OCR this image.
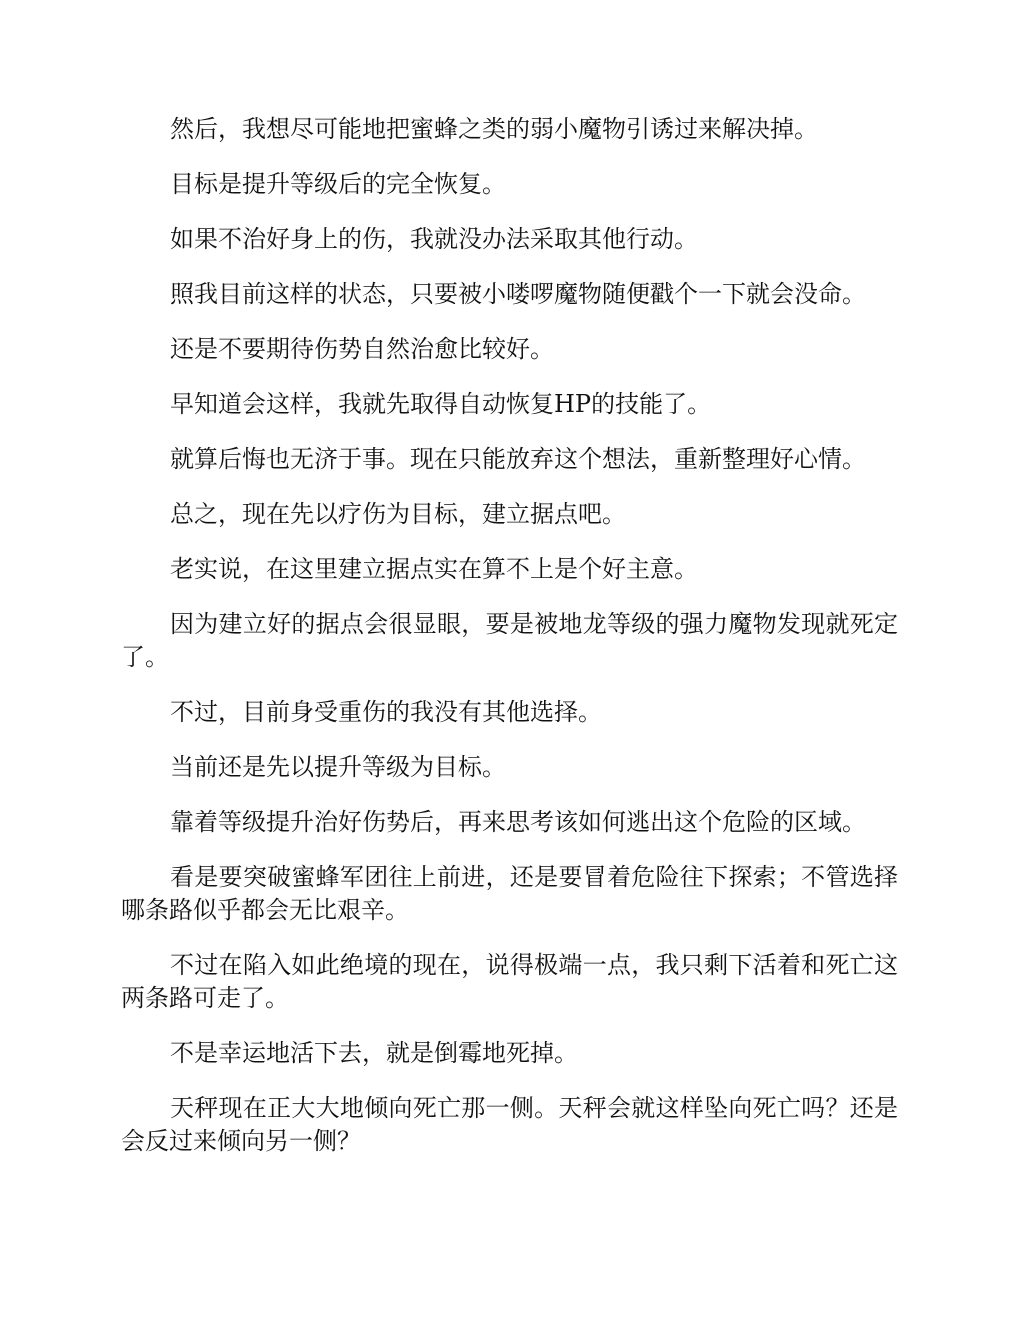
然后，我想尽可能地把蜜蜂之类的弱小魔物引诱过来解决掉。

目标是提升等级后的完全恢复。

如果不治好身上的伤，我就没办法采取其他行动。

照我目前这样的状态，只要被小喽啰魔物随便戳个一下就会没命。

还是不要期待伤势自然治愈比较好。

早知道会这样，我就先取得自动恢复HP的技能了。

就算后悔也无济于事。现在只能放弃这个想法，重新整理好心情。

总之，现在先以疗伤为目标，建立据点吧。

老实说，在这里建立据点实在算不上是个好主意。

因为建立好的据点会很显眼，要是被地龙等级的强力魔物发现就死定了。

不过，目前身受重伤的我没有其他选择。

当前还是先以提升等级为目标。

靠着等级提升治好伤势后，再来思考该如何逃出这个危险的区域。

看是要突破蜜蜂军团往上前进，还是要冒着危险往下探索；不管选择哪条路似乎都会无比艰辛。

不过在陷入如此绝境的现在，说得极端一点，我只剩下活着和死亡这两条路可走了。

不是幸运地活下去，就是倒霉地死掉。

天秤现在正大大地倾向死亡那一侧。天秤会就这样坠向死亡吗？还是会反过来倾向另一侧？
